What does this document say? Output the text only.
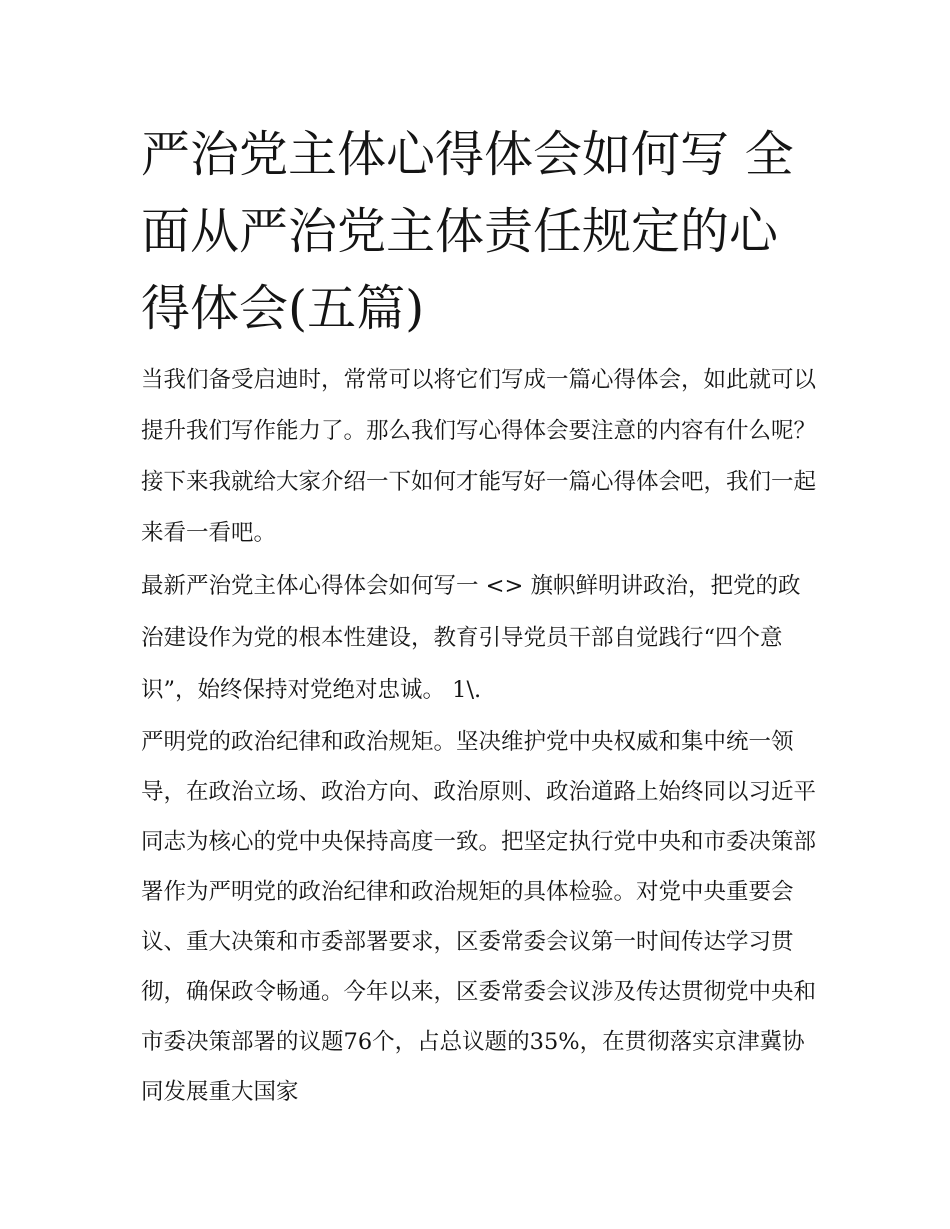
严治党主体心得体会如何写 全面从严治党主体责任规定的心得体会(五篇)

当我们备受启迪时，常常可以将它们写成一篇心得体会，如此就可以提升我们写作能力了。那么我们写心得体会要注意的内容有什么呢？接下来我就给大家介绍一下如何才能写好一篇心得体会吧，我们一起来看一看吧。

最新严治党主体心得体会如何写一 <> 旗帜鲜明讲政治，把党的政治建设作为党的根本性建设，教育引导党员干部自觉践行“四个意识”，始终保持对党绝对忠诚。 1\.

严明党的政治纪律和政治规矩。坚决维护党中央权威和集中统一领导，在政治立场、政治方向、政治原则、政治道路上始终同以习近平同志为核心的党中央保持高度一致。把坚定执行党中央和市委决策部署作为严明党的政治纪律和政治规矩的具体检验。对党中央重要会议、重大决策和市委部署要求，区委常委会议第一时间传达学习贯彻，确保政令畅通。今年以来，区委常委会议涉及传达贯彻党中央和市委决策部署的议题76个，占总议题的35%，在贯彻落实京津冀协同发展重大国家
